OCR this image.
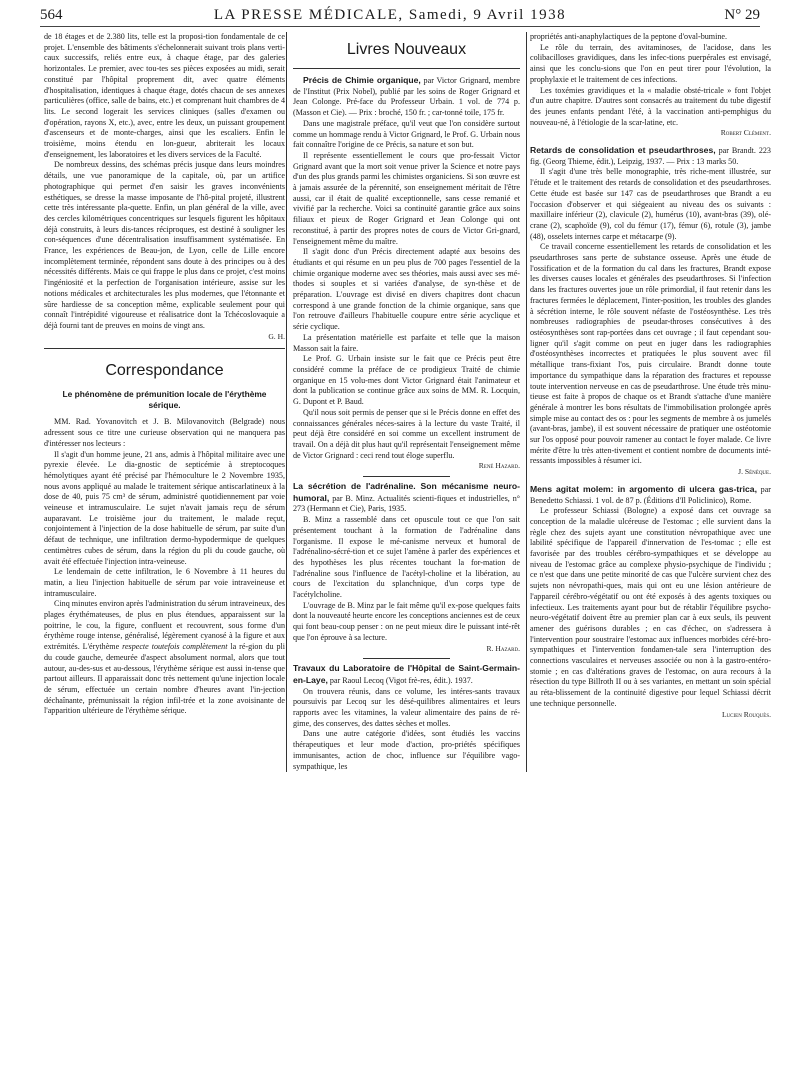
564	LA PRESSE MÉDICALE, Samedi, 9 Avril 1938	N° 29

de 18 étages et de 2.380 lits, telle est la proposi-tion fondamentale de ce projet. L'ensemble des bâtiments s'échelonnerait suivant trois plans verti-caux successifs, reliés entre eux, à chaque étage, par des galeries horizontales. Le premier, avec tou-tes ses pièces exposées au midi, serait constitué par l'hôpital proprement dit, avec quatre éléments d'hospitalisation, identiques à chaque étage, dotés chacun de ses annexes particulières (office, salle de bains, etc.) et comprenant huit chambres de 4 lits. Le second logerait les services cliniques (salles d'examen ou d'opération, rayons X, etc.), avec, entre les deux, un puissant groupement d'ascenseurs et de monte-charges, ainsi que les escaliers. Enfin le troisième, moins étendu en lon-gueur, abriterait les locaux d'enseignement, les laboratoires et les divers services de la Faculté.

De nombreux dessins, des schémas précis jusque dans leurs moindres détails, une vue panoramique de la capitale, où, par un artifice photographique qui permet d'en saisir les graves inconvénients esthétiques, se dresse la masse imposante de l'hô-pital projeté, illustrent cette très intéressante pla-quette. Enfin, un plan général de la ville, avec des cercles kilométriques concentriques sur lesquels figurent les hôpitaux déjà construits, à leurs dis-tances réciproques, est destiné à souligner les con-séquences d'une décentralisation insuffisamment systématisée. En France, les expériences de Beau-jon, de Lyon, celle de Lille encore incomplètement terminée, répondent sans doute à des principes ou à des nécessités différents. Mais ce qui frappe le plus dans ce projet, c'est moins l'ingéniosité et la perfection de l'organisation intérieure, assise sur les notions médicales et architecturales les plus modernes, que l'étonnante et sûre hardiesse de sa conception même, explicable seulement pour qui connaît l'intrépidité vigoureuse et réalisatrice dont la Tchécoslovaquie a déjà fourni tant de preuves en moins de vingt ans.

G. H.

Correspondance
Le phénomène de prémunition locale de l'érythème sérique.

MM. Rad. Yovanovitch et J. B. Milovanovitch (Belgrade) nous adressent sous ce titre une curieuse observation qui ne manquera pas d'intéresser nos lecteurs :

Il s'agit d'un homme jeune, 21 ans, admis à l'hôpital militaire avec une pyrexie élevée. Le dia-gnostic de septicémie à streptocoques hémolytiques ayant été précisé par l'hémoculture le 2 Novembre 1935, nous avons appliqué au malade le traitement sérique antiscarlatineux à la dose de 40, puis 75 cm³ de sérum, administré quotidiennement par voie veineuse et intramusculaire. Le sujet n'avait jamais reçu de sérum auparavant. Le troisième jour du traitement, le malade reçut, conjointement à l'injection de la dose habituelle de sérum, par suite d'un défaut de technique, une infiltration dermo-hypodermique de quelques centimètres cubes de sérum, dans la région du pli du coude gauche, où avait été effectuée l'injection intra-veineuse.

Le lendemain de cette infiltration, le 6 Novembre à 11 heures du matin, a lieu l'injection habituelle de sérum par voie intraveineuse et intramusculaire.

Cinq minutes environ après l'administration du sérum intraveineux, des plages érythémateuses, de plus en plus étendues, apparaissent sur la poitrine, le cou, la figure, confluent et recouvrent, sous forme d'un érythème rouge intense, généralisé, légèrement cyanosé à la figure et aux extrémités. L'érythème respecte toutefois complètement la ré-gion du pli du coude gauche, demeurée d'aspect absolument normal, alors que tout autour, au-des-sus et au-dessous, l'érythème sérique est aussi in-tense que partout ailleurs. Il apparaissait donc très nettement qu'une injection locale de sérum, effectuée un certain nombre d'heures avant l'in-jection déchaînante, prémunissait la région infil-trée et la zone avoisinante de l'apparition ultérieure de l'érythème sérique.

Livres Nouveaux

Précis de Chimie organique, par Victor Grignard, membre de l'Institut (Prix Nobel), publié par les soins de Roger Grignard et Jean Colonge. Pré-face du Professeur Urbain. 1 vol. de 774 p. (Masson et Cie). — Prix : broché, 150 fr. ; car-tonné toile, 175 fr.

Dans une magistrale préface, qu'il veut que l'on considère surtout comme un hommage rendu à Victor Grignard, le Prof. G. Urbain nous fait connaître l'origine de ce Précis, sa nature et son but.

Il représente essentiellement le cours que pro-fessait Victor Grignard avant que la mort soit venue priver la Science et notre pays d'un des plus grands parmi les chimistes organiciens. Si son œuvre est à jamais assurée de la pérennité, son enseignement méritait de l'être aussi, car il était de qualité exceptionnelle, sans cesse remanié et vivifié par la recherche. Voici sa continuité garantie grâce aux soins filiaux et pieux de Roger Grignard et Jean Colonge qui ont reconstitué, à partir des propres notes de cours de Victor Gri-gnard, l'enseignement même du maître.

Il s'agit donc d'un Précis directement adapté aux besoins des étudiants et qui résume en un peu plus de 700 pages l'essentiel de la chimie organique moderne avec ses théories, mais aussi avec ses mé-thodes si souples et si variées d'analyse, de syn-thèse et de préparation. L'ouvrage est divisé en divers chapitres dont chacun correspond à une grande fonction de la chimie organique, sans que l'on retrouve d'ailleurs l'habituelle coupure entre série acyclique et série cyclique.

La présentation matérielle est parfaite et telle que la maison Masson sait la faire.

Le Prof. G. Urbain insiste sur le fait que ce Précis peut être considéré comme la préface de ce prodigieux Traité de chimie organique en 15 volu-mes dont Victor Grignard était l'animateur et dont la publication se continue grâce aux soins de MM. R. Locquin, G. Dupont et P. Baud.

Qu'il nous soit permis de penser que si le Précis donne en effet des connaissances générales néces-saires à la lecture du vaste Traité, il peut déjà être considéré en soi comme un excellent instrument de travail. On a déjà dit plus haut qu'il représentait l'enseignement même de Victor Grignard : ceci rend tout éloge superflu.

René Hazard.

La sécrétion de l'adrénaline. Son mécanisme neuro-humoral, par B. Minz. Actualités scienti-fiques et industrielles, n° 273 (Hermann et Cie), Paris, 1935.

B. Minz a rassemblé dans cet opuscule tout ce que l'on sait présentement touchant à la formation de l'adrénaline dans l'organisme. Il expose le mé-canisme nerveux et humoral de l'adrénalino-sécré-tion et ce sujet l'amène à parler des expériences et des hypothèses les plus récentes touchant la for-mation de l'adrénaline sous l'influence de l'acétyl-choline et la libération, au cours de l'excitation du splanchnique, d'un corps type de l'acétylcholine.

L'ouvrage de B. Minz par le fait même qu'il ex-pose quelques faits dont la nouveauté heurte encore les conceptions anciennes est de ceux qui font beau-coup penser : on ne peut mieux dire le puissant inté-rêt que l'on éprouve à sa lecture.

R. Hazard.

Travaux du Laboratoire de l'Hôpital de Saint-Germain-en-Laye, par Raoul Lecoq (Vigot frè-res, édit.). 1937.

On trouvera réunis, dans ce volume, les intéres-sants travaux poursuivis par Lecoq sur les désé-quilibres alimentaires et leurs rapports avec les vitamines, la valeur alimentaire des pains de ré-gime, des conserves, des dattes sèches et molles.

Dans une autre catégorie d'idées, sont étudiés les vaccins thérapeutiques et leur mode d'action, pro-priétés spécifiques immunisantes, action de choc, influence sur l'équilibre vago-sympathique, les

propriétés anti-anaphylactiques de la peptone d'oval-bumine.

Le rôle du terrain, des avitaminoses, de l'acidose, dans les colibacilloses gravidiques, dans les infec-tions puerpérales est envisagé, ainsi que les conclu-sions que l'on en peut tirer pour l'évolution, la prophylaxie et le traitement de ces infections.

Les toxémies gravidiques et la « maladie obsté-tricale » font l'objet d'un autre chapitre. D'autres sont consacrés au traitement du tube digestif des jeunes enfants pendant l'été, à la vaccination anti-pemphigus du nouveau-né, à l'étiologie de la scar-latine, etc.

Robert Clément.

Retards de consolidation et pseudarthroses, par Brandt. 223 fig. (Georg Thieme, édit.), Leipzig, 1937. — Prix : 13 marks 50.

Il s'agit d'une très belle monographie, très riche-ment illustrée, sur l'étude et le traitement des retards de consolidation et des pseudarthroses. Cette étude est basée sur 147 cas de pseudarthroses que Brandt a eu l'occasion d'observer et qui siégeaient au niveau des os suivants : maxillaire inférieur (2), clavicule (2), humérus (10), avant-bras (39), olé-crane (2), scaphoïde (9), col du fémur (17), fémur (6), rotule (3), jambe (48), osselets internes carpe et métacarpe (9).

Ce travail concerne essentiellement les retards de consolidation et les pseudarthroses sans perte de substance osseuse. Après une étude de l'ossification et de la formation du cal dans les fractures, Brandt expose les diverses causes locales et générales des pseudarthroses. Si l'infection dans les fractures ouvertes joue un rôle primordial, il faut retenir dans les fractures fermées le déplacement, l'inter-position, les troubles des glandes à sécrétion interne, le rôle souvent néfaste de l'ostéosynthèse. Les très nombreuses radiographies de pseudar-throses consécutives à des ostéosynthèses sont rap-portées dans cet ouvrage ; il faut cependant sou-ligner qu'il s'agit comme on peut en juger dans les radiographies d'ostéosynthèses incorrectes et pratiquées le plus souvent avec fil métallique trans-fixiant l'os, puis circulaire. Brandt donne toute importance du sympathique dans la réparation des fractures et repousse toute intervention nerveuse en cas de pseudarthrose. Une étude très minu-tieuse est faite à propos de chaque os et Brandt s'attache d'une manière générale à montrer les bons résultats de l'immobilisation prolongée après simple mise au contact des os : pour les segments de membre à os jumelés (avant-bras, jambe), il est souvent nécessaire de pratiquer une ostéotomie sur l'os opposé pour pouvoir ramener au contact le foyer malade. Ce livre mérite d'être lu très atten-tivement et contient nombre de documents inté-ressants impossibles à résumer ici.

J. Sénèque.

Mens agitat molem: in argomento di ulcera gas-trica, par Benedetto Schiassi. 1 vol. de 87 p. (Éditions d'Il Policlinico), Rome.

Le professeur Schiassi (Bologne) a exposé dans cet ouvrage sa conception de la maladie ulcéreuse de l'estomac ; elle survient dans la règle chez des sujets ayant une constitution névropathique avec une labilité spécifique de l'appareil d'innervation de l'es-tomac ; elle est favorisée par des troubles cérébro-sympathiques et se développe au niveau de l'estomac grâce au complexe physio-psychique de l'individu ; ce n'est que dans une petite minorité de cas que l'ulcère survient chez des sujets non névropathi-ques, mais qui ont eu une lésion antérieure de l'appareil cérébro-végétatif ou ont été exposés à des agents toxiques ou infectieux. Les traitements ayant pour but de rétablir l'équilibre psycho-neuro-végétatif doivent être au premier plan car à eux seuls, ils peuvent amener des guérisons durables ; en cas d'échec, on s'adressera à l'intervention pour soustraire l'estomac aux influences morbides céré-bro-sympathiques et l'intervention fondamen-tale sera l'interruption des connections vasculaires et nerveuses associée ou non à la gastro-entéro-stomie ; en cas d'altérations graves de l'estomac, on aura recours à la résection du type Billroth II ou à ses variantes, en mettant un soin spécial au réta-blissement de la continuité digestive pour lequel Schiassi décrit une technique personnelle.

Lucien Rouquès.
